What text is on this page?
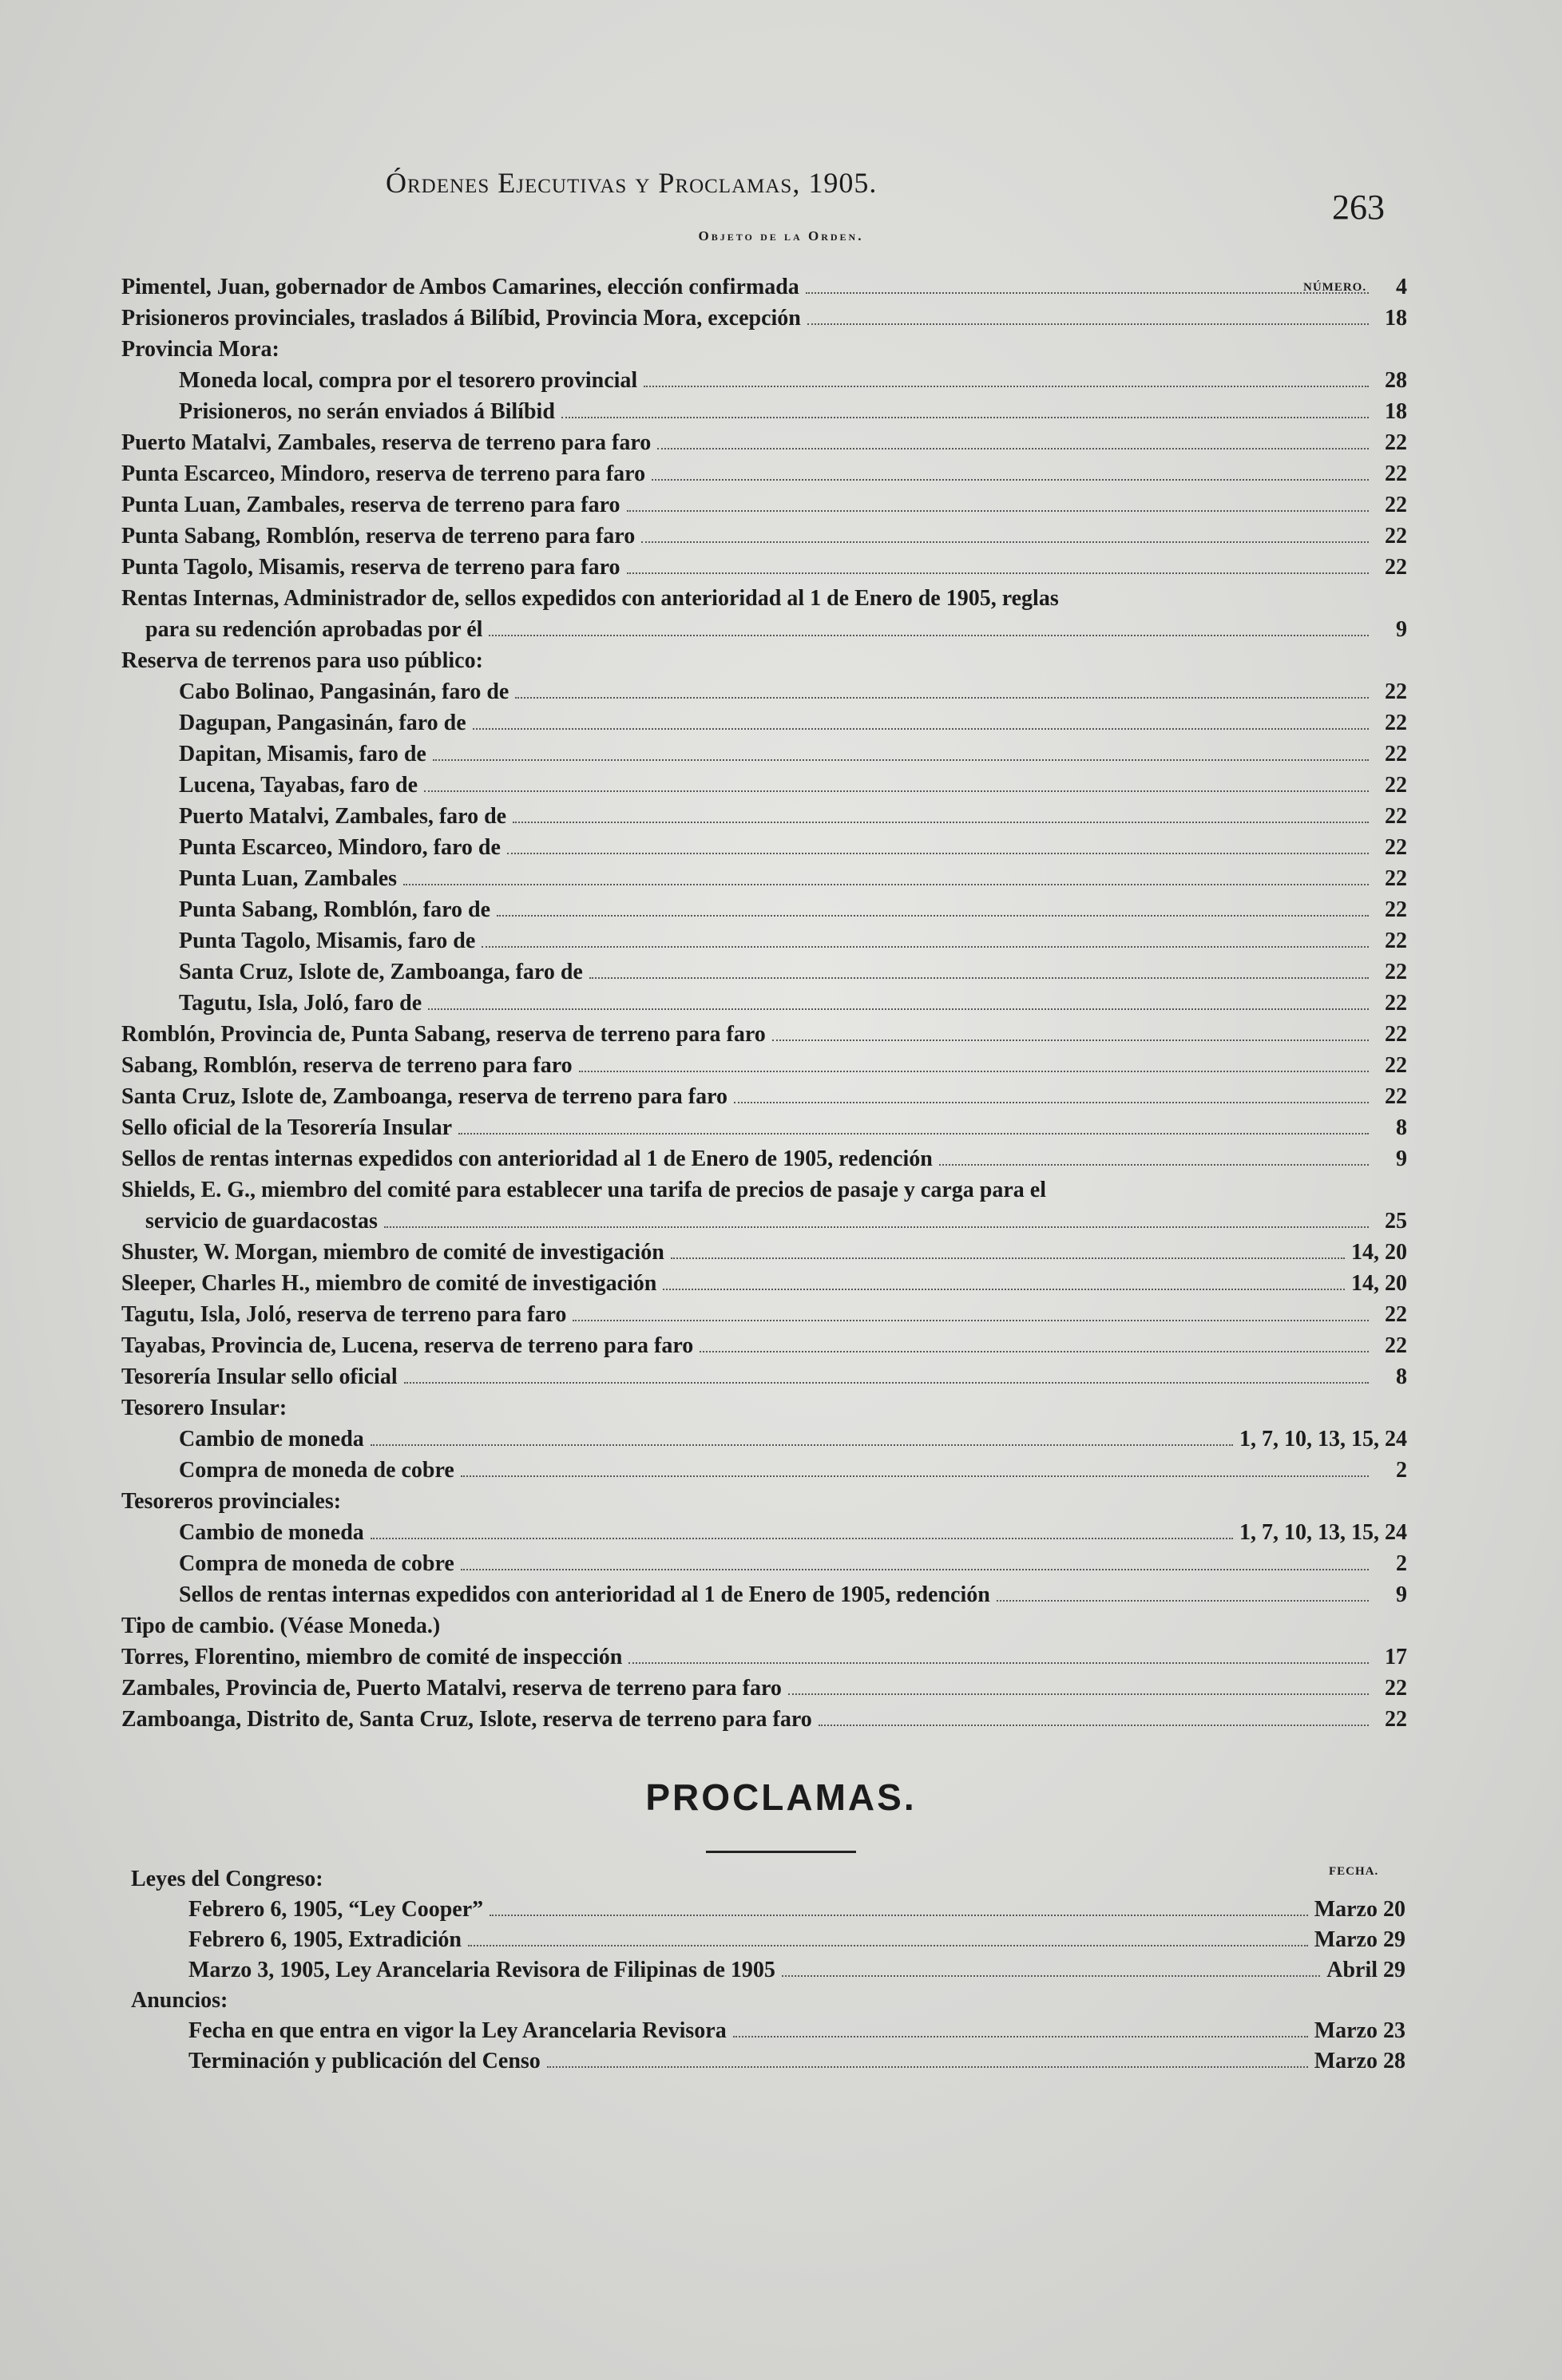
Órdenes Ejecutivas y Proclamas, 1905.
263
Objeto de la Orden.
NÚMERO.
Pimentel, Juan, gobernador de Ambos Camarines, elección confirmada	4
Prisioneros provinciales, traslados á Bilíbid, Provincia Mora, excepción	18
Provincia Mora:
Moneda local, compra por el tesorero provincial	28
Prisioneros, no serán enviados á Bilíbid	18
Puerto Matalvi, Zambales, reserva de terreno para faro	22
Punta Escarceo, Mindoro, reserva de terreno para faro	22
Punta Luan, Zambales, reserva de terreno para faro	22
Punta Sabang, Romblón, reserva de terreno para faro	22
Punta Tagolo, Misamis, reserva de terreno para faro	22
Rentas Internas, Administrador de, sellos expedidos con anterioridad al 1 de Enero de 1905, reglas
para su redención aprobadas por él	9
Reserva de terrenos para uso público:
Cabo Bolinao, Pangasinán, faro de	22
Dagupan, Pangasinán, faro de	22
Dapitan, Misamis, faro de	22
Lucena, Tayabas, faro de	22
Puerto Matalvi, Zambales, faro de	22
Punta Escarceo, Mindoro, faro de	22
Punta Luan, Zambales	22
Punta Sabang, Romblón, faro de	22
Punta Tagolo, Misamis, faro de	22
Santa Cruz, Islote de, Zamboanga, faro de	22
Tagutu, Isla, Joló, faro de	22
Romblón, Provincia de, Punta Sabang, reserva de terreno para faro	22
Sabang, Romblón, reserva de terreno para faro	22
Santa Cruz, Islote de, Zamboanga, reserva de terreno para faro	22
Sello oficial de la Tesorería Insular	8
Sellos de rentas internas expedidos con anterioridad al 1 de Enero de 1905, redención	9
Shields, E. G., miembro del comité para establecer una tarifa de precios de pasaje y carga para el
servicio de guardacostas	25
Shuster, W. Morgan, miembro de comité de investigación	14, 20
Sleeper, Charles H., miembro de comité de investigación	14, 20
Tagutu, Isla, Joló, reserva de terreno para faro	22
Tayabas, Provincia de, Lucena, reserva de terreno para faro	22
Tesorería Insular sello oficial	8
Tesorero Insular:
Cambio de moneda	1, 7, 10, 13, 15, 24
Compra de moneda de cobre	2
Tesoreros provinciales:
Cambio de moneda	1, 7, 10, 13, 15, 24
Compra de moneda de cobre	2
Sellos de rentas internas expedidos con anterioridad al 1 de Enero de 1905, redención	9
Tipo de cambio. (Véase Moneda.)
Torres, Florentino, miembro de comité de inspección	17
Zambales, Provincia de, Puerto Matalvi, reserva de terreno para faro	22
Zamboanga, Distrito de, Santa Cruz, Islote, reserva de terreno para faro	22
PROCLAMAS.
FECHA.
Leyes del Congreso:
Febrero 6, 1905, “Ley Cooper”	Marzo 20
Febrero 6, 1905, Extradición	Marzo 29
Marzo 3, 1905, Ley Arancelaria Revisora de Filipinas de 1905	Abril 29
Anuncios:
Fecha en que entra en vigor la Ley Arancelaria Revisora	Marzo 23
Terminación y publicación del Censo	Marzo 28
